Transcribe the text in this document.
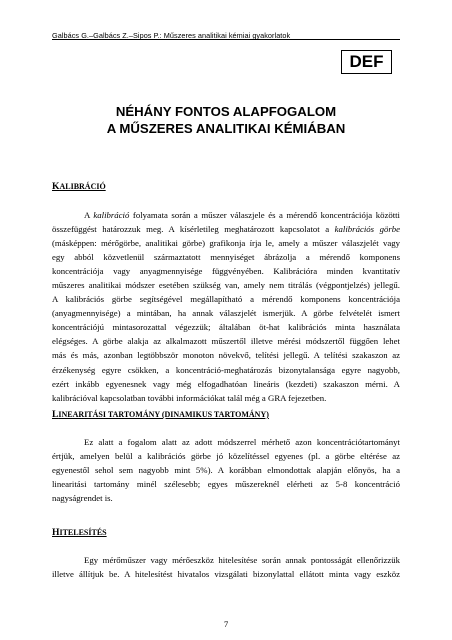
Galbács G.–Galbács Z.–Sipos P.: Műszeres analitikai kémiai gyakorlatok
DEF
NÉHÁNY FONTOS ALAPFOGALOM
A MŰSZERES ANALITIKAI KÉMIÁBAN
KALIBRÁCIÓ
A kalibráció folyamata során a műszer válaszjele és a mérendő koncentrációja közötti
összefüggést határozzuk meg. A kísérletileg meghatározott kapcsolatot a kalibrációs görbe
(másképpen: mérőgörbe, analitikai görbe) grafikonja írja le, amely a műszer válaszjelét vagy
egy abból közvetlenül származtatott mennyiséget ábrázolja a mérendő komponens
koncentrációja vagy anyagmennyisége függvényében. Kalibrációra minden kvantitatív
műszeres analitikai módszer esetében szükség van, amely nem titrálás (végpontjelzés) jellegű.
A kalibrációs görbe segítségével megállapítható a mérendő komponens koncentrációja
(anyagmennyisége) a mintában, ha annak válaszjelét ismerjük. A görbe felvételét ismert
koncentrációjú mintasorozattal végezzük; általában öt-hat kalibrációs minta használata
elégséges. A görbe alakja az alkalmazott műszertől illetve mérési módszertől függően lehet
más és más, azonban legtöbbször monoton növekvő, telítési jellegű. A telítési szakaszon az
érzékenység egyre csökken, a koncentráció-meghatározás bizonytalansága egyre nagyobb,
ezért inkább egyenesnek vagy még elfogadhatóan lineáris (kezdeti) szakaszon mérni. A
kalibrációval kapcsolatban további információkat talál még a GRA fejezetben.
LINEARITÁSI TARTOMÁNY (DINAMIKUS TARTOMÁNY)
Ez alatt a fogalom alatt az adott módszerrel mérhető azon koncentrációtartományt
értjük, amelyen belül a kalibrációs görbe jó közelítéssel egyenes (pl. a görbe eltérése az
egyenestől sehol sem nagyobb mint 5%). A korábban elmondottak alapján előnyös, ha a
linearitási tartomány minél szélesebb; egyes műszereknél elérheti az 5-8 koncentráció
nagyságrendet is.
HITELESÍTÉS
Egy mérőműszer vagy mérőeszköz hitelesítése során annak pontosságát ellenőrizzük
illetve állítjuk be. A hitelesítést hivatalos vizsgálati bizonylattal ellátott minta vagy eszköz
7
